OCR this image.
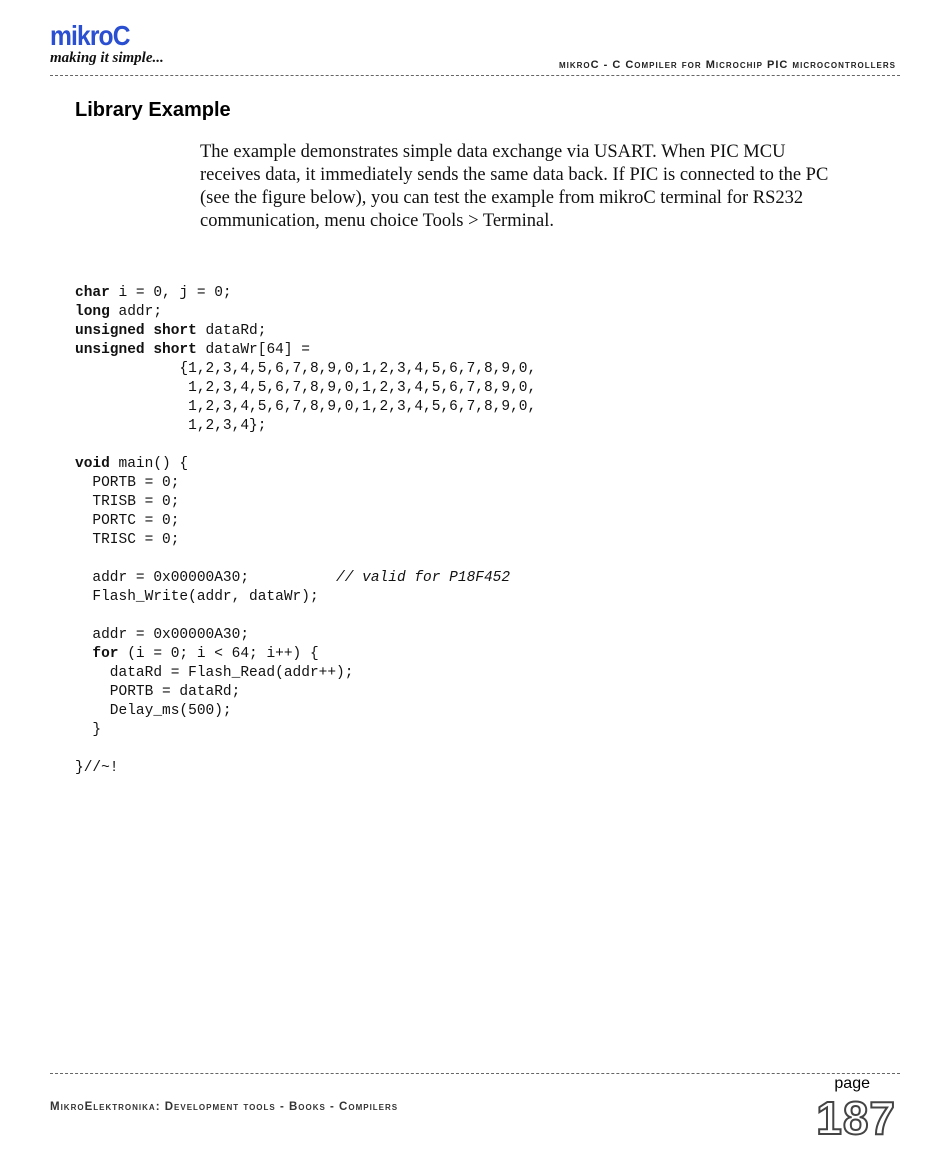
mikroC
making it simple...	mikroC - C Compiler for Microchip PIC microcontrollers
Library Example
The example demonstrates simple data exchange via USART. When PIC MCU receives data, it immediately sends the same data back. If PIC is connected to the PC (see the figure below), you can test the example from mikroC terminal for RS232 communication, menu choice Tools > Terminal.
char i = 0, j = 0;
long addr;
unsigned short dataRd;
unsigned short dataWr[64] =
{1,2,3,4,5,6,7,8,9,0,1,2,3,4,5,6,7,8,9,0,
1,2,3,4,5,6,7,8,9,0,1,2,3,4,5,6,7,8,9,0,
1,2,3,4,5,6,7,8,9,0,1,2,3,4,5,6,7,8,9,0,
1,2,3,4};
void main() {
PORTB = 0;
TRISB = 0;
PORTC = 0;
TRISC = 0;
addr = 0x00000A30;          // valid for P18F452
Flash_Write(addr, dataWr);
addr = 0x00000A30;
for (i = 0; i < 64; i++) {
dataRd = Flash_Read(addr++);
PORTB = dataRd;
Delay_ms(500);
}
}//~!
MikroElektronika: Development tools - Books - Compilers
page
187
